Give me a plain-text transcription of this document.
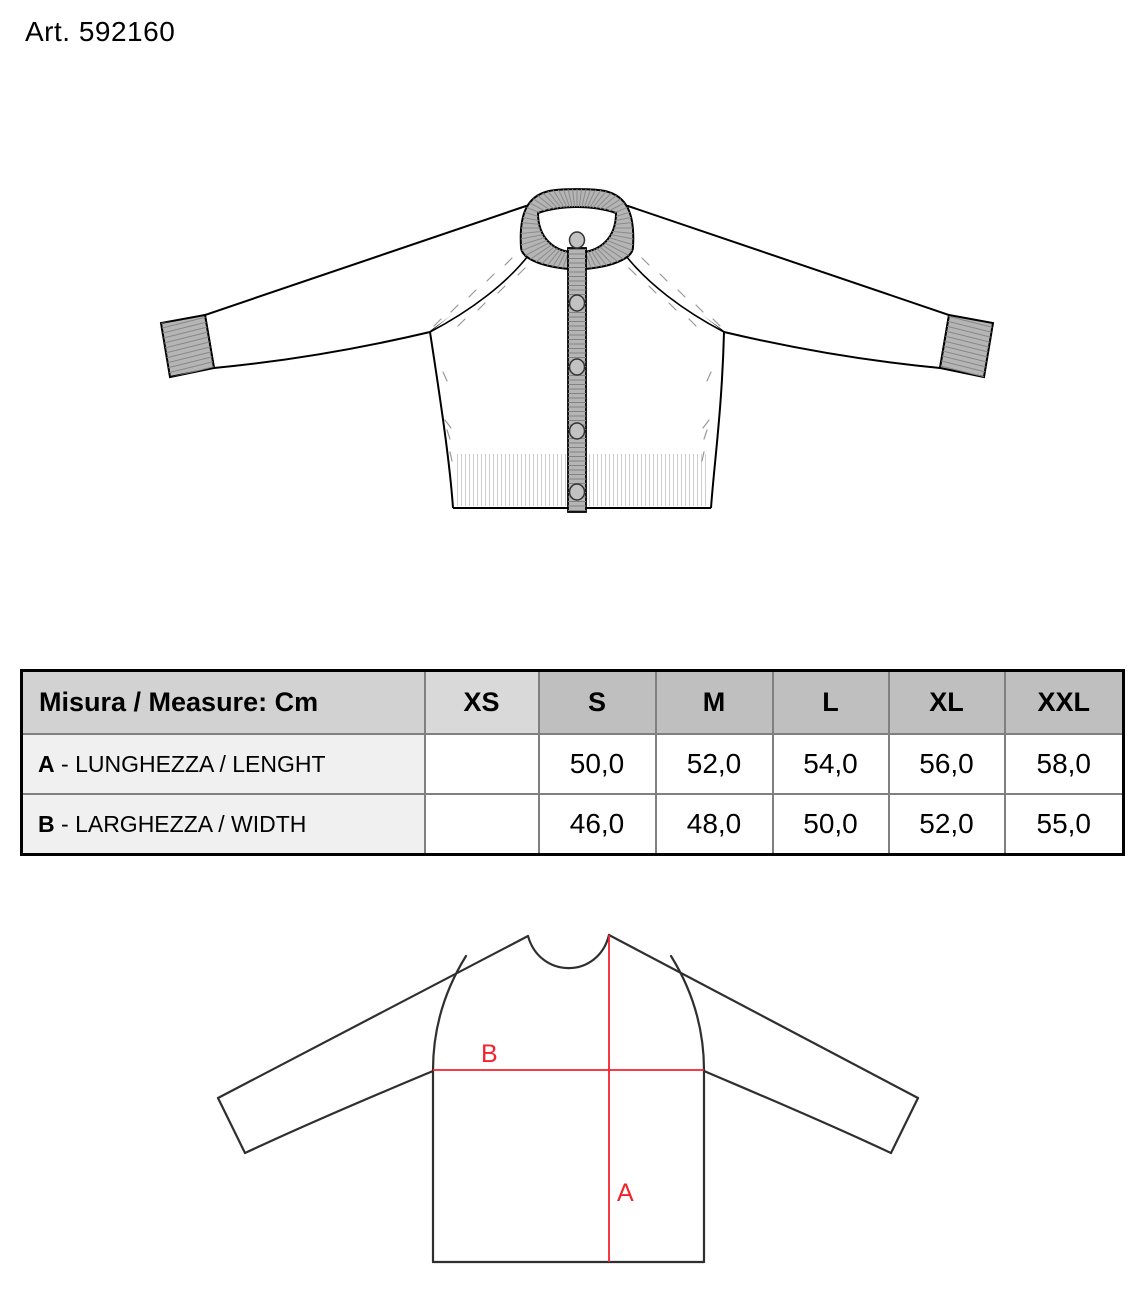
Art. 592160
B
A
Misura / Measure: Cm	XS	S	M	L	XL	XXL
A - LUNGHEZZA / LENGHT		50,0	52,0	54,0	56,0	58,0
B - LARGHEZZA / WIDTH		46,0	48,0	50,0	52,0	55,0
